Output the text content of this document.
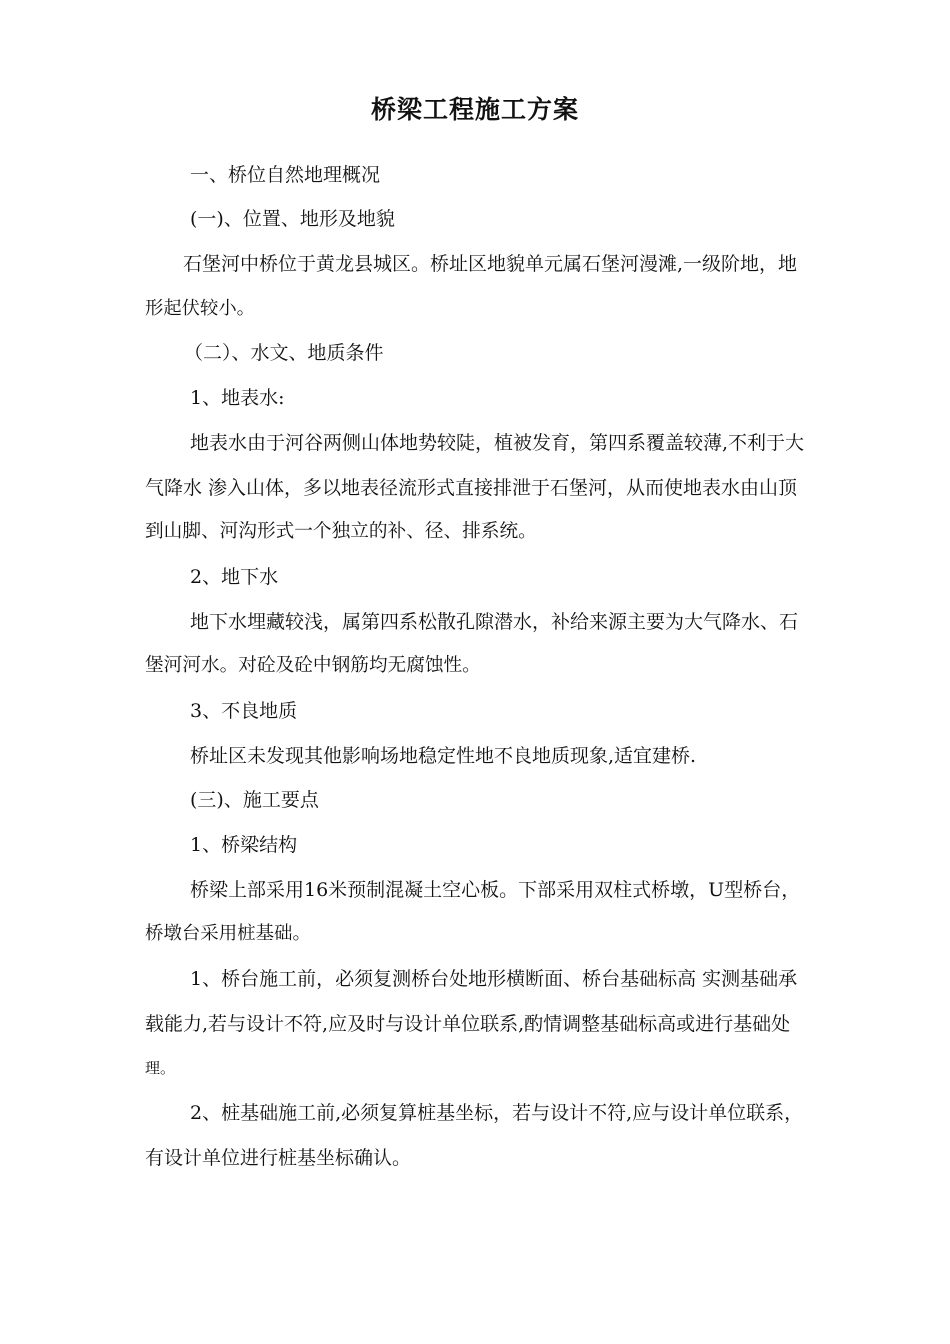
桥梁工程施工方案
一、桥位自然地理概况
(一)、位置、地形及地貌
石堡河中桥位于黄龙县城区。桥址区地貌单元属石堡河漫滩,一级阶地，地
形起伏较小。
（二）、水文、地质条件
1、地表水:
地表水由于河谷两侧山体地势较陡，植被发育，第四系覆盖较薄,不利于大
气降水 渗入山体，多以地表径流形式直接排泄于石堡河，从而使地表水由山顶
到山脚、河沟形式一个独立的补、径、排系统。
2、地下水
地下水埋藏较浅，属第四系松散孔隙潜水，补给来源主要为大气降水、石
堡河河水。对砼及砼中钢筋均无腐蚀性。
3、不良地质
桥址区未发现其他影响场地稳定性地不良地质现象,适宜建桥.
(三)、施工要点
1、桥梁结构
桥梁上部采用16米预制混凝土空心板。下部采用双柱式桥墩，U型桥台，
桥墩台采用桩基础。
1、桥台施工前，必须复测桥台处地形横断面、桥台基础标高 实测基础承
载能力,若与设计不符,应及时与设计单位联系,酌情调整基础标高或进行基础处
理。
2、桩基础施工前,必须复算桩基坐标，若与设计不符,应与设计单位联系，
有设计单位进行桩基坐标确认。
